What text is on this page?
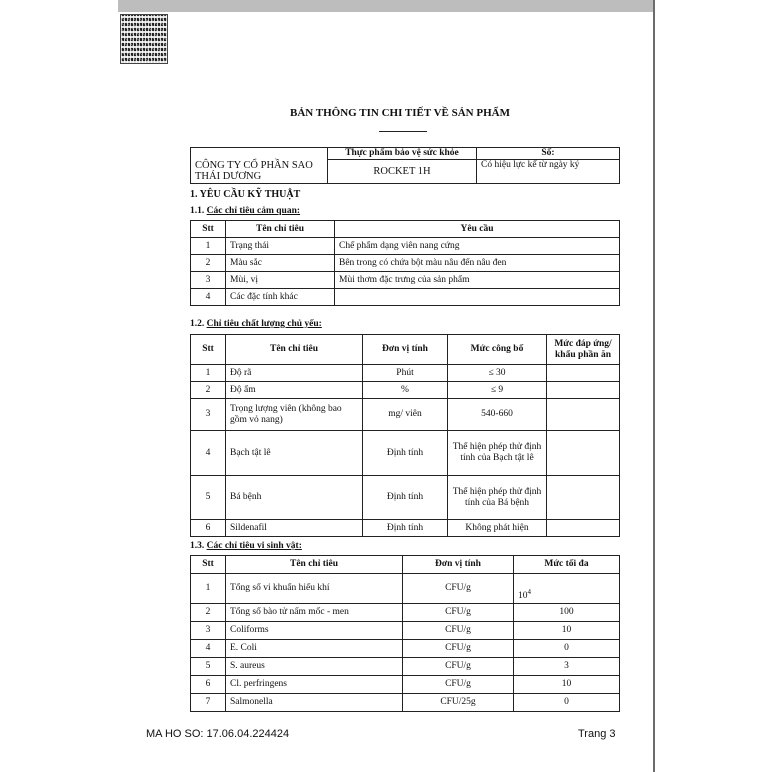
BẢN THÔNG TIN CHI TIẾT VỀ SẢN PHẨM
	Thực phẩm bảo vệ sức khỏe	Số:
CÔNG TY CỔ PHẦN SAO THÁI DƯƠNG	ROCKET 1H	Có hiệu lực kể từ ngày ký
1. YÊU CẦU KỸ THUẬT
1.1. Các chỉ tiêu cảm quan:
Stt	Tên chỉ tiêu	Yêu cầu
1	Trạng thái	Chế phẩm dạng viên nang cứng
2	Màu sắc	Bên trong có chứa bột màu nâu đến nâu đen
3	Mùi, vị	Mùi thơm đặc trưng của sản phẩm
4	Các đặc tính khác	
1.2. Chỉ tiêu chất lượng chủ yếu:
Stt	Tên chỉ tiêu	Đơn vị tính	Mức công bố	Mức đáp ứng/ khẩu phần ăn
1	Độ rã	Phút	≤ 30	
2	Độ ẩm	%	≤ 9	
3	Trọng lượng viên (không bao gồm vỏ nang)	mg/ viên	540-660	
4	Bạch tật lê	Định tính	Thể hiện phép thử định tính của Bạch tật lê	
5	Bá bệnh	Định tính	Thể hiện phép thử định tính của Bá bệnh	
6	Sildenafil	Định tính	Không phát hiện	
1.3. Các chỉ tiêu vi sinh vật:
Stt	Tên chỉ tiêu	Đơn vị tính	Mức tối đa
1	Tổng số vi khuẩn hiếu khí	CFU/g	$10^4$
2	Tổng số bào tử nấm mốc - men	CFU/g	100
3	Coliforms	CFU/g	10
4	E. Coli	CFU/g	0
5	S. aureus	CFU/g	3
6	Cl. perfringens	CFU/g	10
7	Salmonella	CFU/25g	0
MA HO SO: 17.06.04.224424	Trang 3
